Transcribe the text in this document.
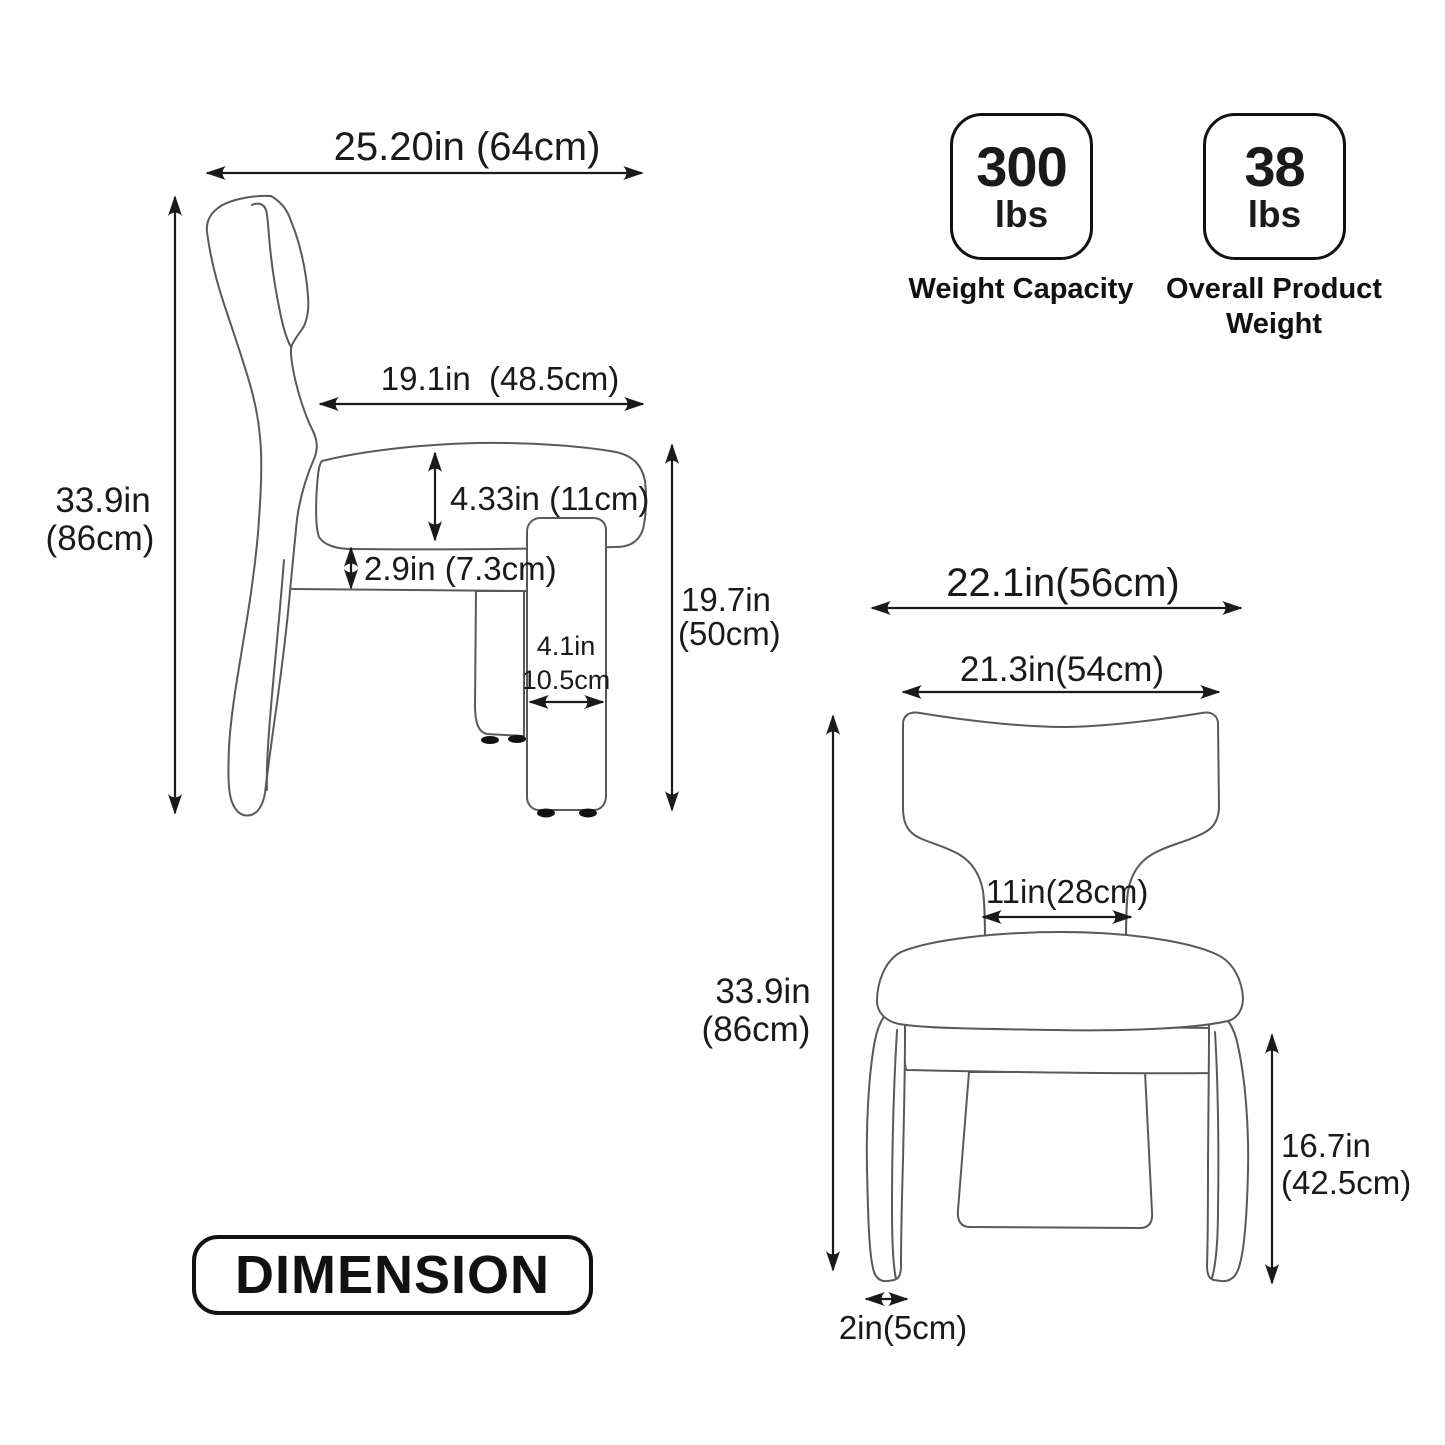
25.20in (64cm)
33.9in
(86cm)
19.1in  (48.5cm)
4.33in (11cm)
2.9in (7.3cm)
4.1in
10.5cm
19.7in
(50cm)
22.1in(56cm)
21.3in(54cm)
11in(28cm)
33.9in
(86cm)
16.7in
(42.5cm)
2in(5cm)
300
lbs
Weight Capacity
38
lbs
Overall Product
Weight
DIMENSION
